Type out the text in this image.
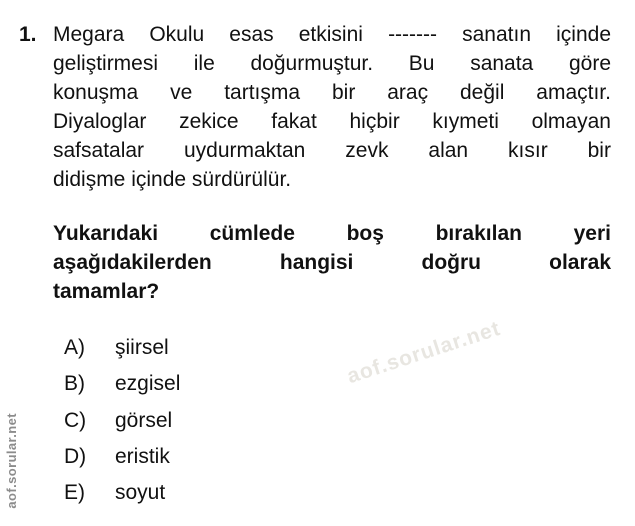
1. Megara Okulu esas etkisini ------- sanatın içinde
geliştirmesi ile doğurmuştur. Bu sanata göre
konuşma ve tartışma bir araç değil amaçtır.
Diyaloglar zekice fakat hiçbir kıymeti olmayan
safsatalar uydurmaktan zevk alan kısır bir
didişme içinde sürdürülür.
Yukarıdaki cümlede boş bırakılan yeri
aşağıdakilerden	hangisi	doğru	olarak
tamamlar?
A)	şiirsel
B)	ezgisel
C)	görsel
D)	eristik
E)	soyut
aof.sorular.net
aof.sorular.net
